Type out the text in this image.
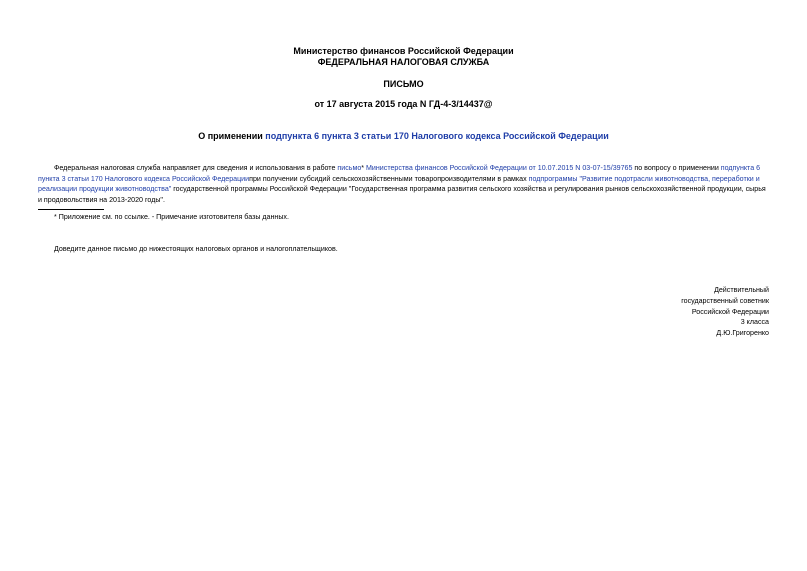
Министерство финансов Российской Федерации
ФЕДЕРАЛЬНАЯ НАЛОГОВАЯ СЛУЖБА
ПИСЬМО
от 17 августа 2015 года N ГД-4-3/14437@
О применении подпункта 6 пункта 3 статьи 170 Налогового кодекса Российской Федерации
Федеральная налоговая служба направляет для сведения и использования в работе письмо* Министерства финансов Российской Федерации от 10.07.2015 N 03-07-15/39765 по вопросу о применении подпункта 6 пункта 3 статьи 170 Налогового кодекса Российской Федерациипри получении субсидий сельскохозяйственными товаропроизводителями в рамках подпрограммы "Развитие подотрасли животноводства, переработки и реализации продукции животноводства" государственной программы Российской Федерации "Государственная программа развития сельского хозяйства и регулирования рынков сельскохозяйственной продукции, сырья и продовольствия на 2013-2020 годы".
* Приложение см. по ссылке. - Примечание изготовителя базы данных.
Доведите данное письмо до нижестоящих налоговых органов и налогоплательщиков.
Действительный
государственный советник
Российской Федерации
3 класса
Д.Ю.Григоренко
